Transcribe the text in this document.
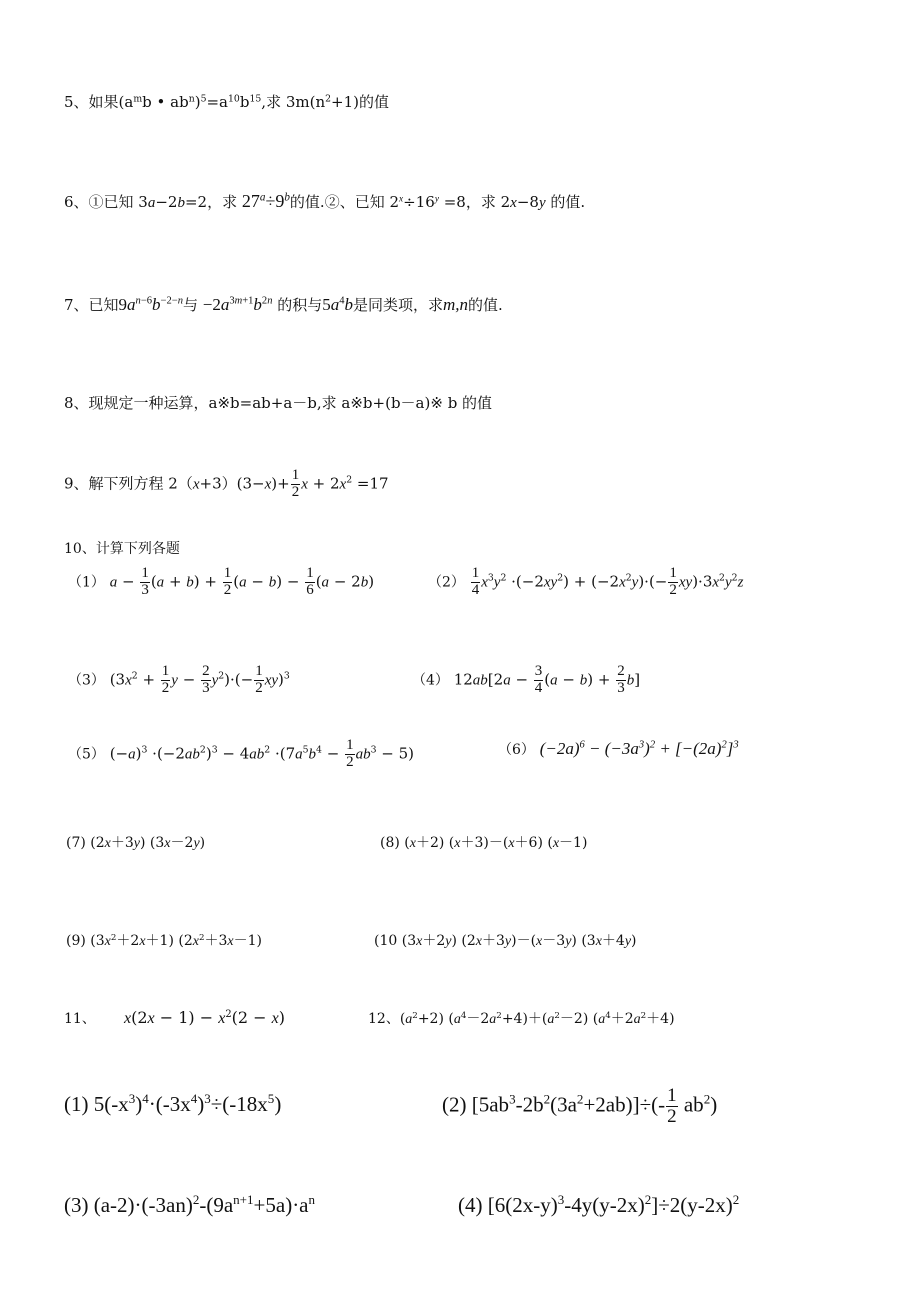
5、如果($a^mb$ • $ab^n)^5=a^{10}b^{15}$,求 $3m(n^2+1)$的值
6、①已知 3a−2b=2，求 $27^a\div 9^b$的值.②、已知 $2^x\div 16^y =8$，求 2x−8y 的值.
7、已知$9a^{n-6}b^{-2-n}$与 $-2a^{3m+1}b^{2n}$ 的积与$5a^4b$是同类项，求m,n的值.
8、现规定一种运算，a※b=ab+a－b,求 a※b+(b－a)※ b 的值
9、解下列方程 $2(x+3)(3-x)+ \frac{1}{2}$ $x + 2x^2 =17$
10、计算下列各题
（1） $a - \frac{1}{3} (a + b) + \frac{1}{2} (a - b) - \frac{1}{6} (a - 2b)$	$(2) \frac{1}{4} x^3y^2 \cdot(-2xy^2) + (-2x^2y)\cdot(- \frac{1}{2} xy)\cdot 3x^2y^2z$
（3） ($3x^2 + \frac{1}{2}$ $y - \frac{2}{3} y^2)\cdot(- \frac{1}{2} xy)^3$	（4） $12ab[2a - \frac{3}{4} (a - b) + \frac{2}{3} b]$
（5） $(-a)^3 \cdot(-2ab^2)^3 - 4ab^2 \cdot(7a^5b^4 - \frac{1}{2} ab^3 - 5)$	（6） $(-2a)^6 - (-3a^3)^2 + [-(2a)^2]^3$
(7) (2x＋3y) (3x－2y)	(8) (x＋2) (x＋3)－(x＋6) (x－1)
(9) $(3x^2+2x+1)$ $(2x^2+3x-1)$	(10 (3x＋2y) (2x＋3y)－(x－3y) (3x＋4y)
11、 $x(2x - 1) - x^2(2 - x)$	12、$(a^2+2)$ $(a^4-2a^2+4)+(a^2-2)$ $(a^4+2a^2+4)$
(1) $5(-x^3)^4\cdot(-3x^4)^3\div(-18x^5)$	(2) $[5ab^3-2b^2(3a^2+2ab)]\div(- \frac{1}{2} ab^2)$
(3) $(a-2)\cdot(-3an)^2-(9a^{n+1}+5a)\cdot a^n$	(4) $[6(2x-y)^3-4y(y-2x)^2]\div 2(y-2x)^2$
